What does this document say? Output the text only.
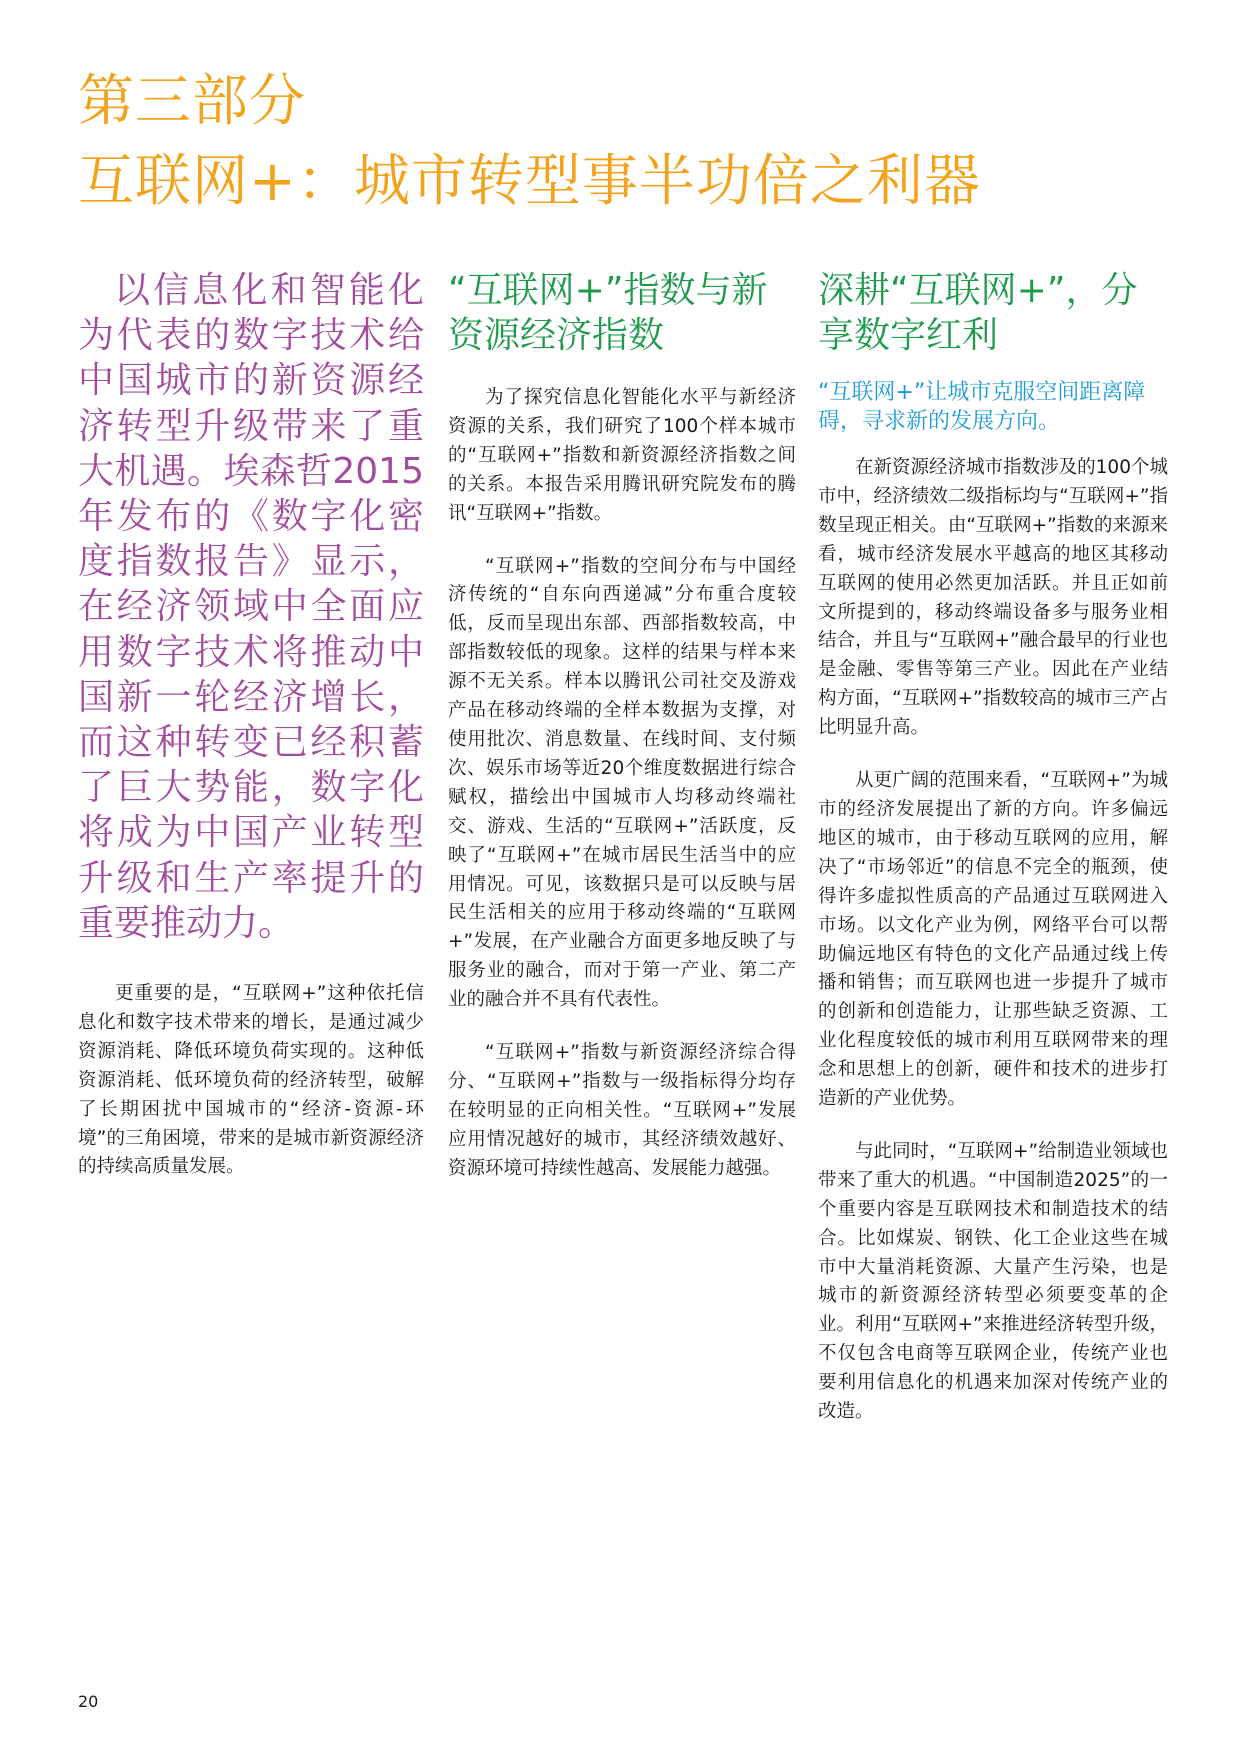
第三部分
互联网+：城市转型事半功倍之利器

以信息化和智能化为代表的数字技术给中国城市的新资源经济转型升级带来了重大机遇。埃森哲2015年发布的《数字化密度指数报告》显示，在经济领域中全面应用数字技术将推动中国新一轮经济增长，而这种转变已经积蓄了巨大势能，数字化将成为中国产业转型升级和生产率提升的重要推动力。

更重要的是，“互联网+”这种依托信息化和数字技术带来的增长，是通过减少资源消耗、降低环境负荷实现的。这种低资源消耗、低环境负荷的经济转型，破解了长期困扰中国城市的“经济-资源-环境”的三角困境，带来的是城市新资源经济的持续高质量发展。

“互联网+”指数与新资源经济指数

为了探究信息化智能化水平与新经济资源的关系，我们研究了100个样本城市的“互联网+”指数和新资源经济指数之间的关系。本报告采用腾讯研究院发布的腾讯“互联网+”指数。

“互联网+”指数的空间分布与中国经济传统的“自东向西递减”分布重合度较低，反而呈现出东部、西部指数较高，中部指数较低的现象。这样的结果与样本来源不无关系。样本以腾讯公司社交及游戏产品在移动终端的全样本数据为支撑，对使用批次、消息数量、在线时间、支付频次、娱乐市场等近20个维度数据进行综合赋权，描绘出中国城市人均移动终端社交、游戏、生活的“互联网+”活跃度，反映了“互联网+”在城市居民生活当中的应用情况。可见，该数据只是可以反映与居民生活相关的应用于移动终端的“互联网+”发展，在产业融合方面更多地反映了与服务业的融合，而对于第一产业、第二产业的融合并不具有代表性。

“互联网+”指数与新资源经济综合得分、“互联网+”指数与一级指标得分均存在较明显的正向相关性。“互联网+”发展应用情况越好的城市，其经济绩效越好、资源环境可持续性越高、发展能力越强。

深耕“互联网+”，分享数字红利
“互联网+”让城市克服空间距离障碍，寻求新的发展方向。

在新资源经济城市指数涉及的100个城市中，经济绩效二级指标均与“互联网+”指数呈现正相关。由“互联网+”指数的来源来看，城市经济发展水平越高的地区其移动互联网的使用必然更加活跃。并且正如前文所提到的，移动终端设备多与服务业相结合，并且与“互联网+”融合最早的行业也是金融、零售等第三产业。因此在产业结构方面，“互联网+”指数较高的城市三产占比明显升高。

从更广阔的范围来看，“互联网+”为城市的经济发展提出了新的方向。许多偏远地区的城市，由于移动互联网的应用，解决了“市场邻近”的信息不完全的瓶颈，使得许多虚拟性质高的产品通过互联网进入市场。以文化产业为例，网络平台可以帮助偏远地区有特色的文化产品通过线上传播和销售；而互联网也进一步提升了城市的创新和创造能力，让那些缺乏资源、工业化程度较低的城市利用互联网带来的理念和思想上的创新，硬件和技术的进步打造新的产业优势。

与此同时，“互联网+”给制造业领域也带来了重大的机遇。“中国制造2025”的一个重要内容是互联网技术和制造技术的结合。比如煤炭、钢铁、化工企业这些在城市中大量消耗资源、大量产生污染，也是城市的新资源经济转型必须要变革的企业。利用“互联网+”来推进经济转型升级，不仅包含电商等互联网企业，传统产业也要利用信息化的机遇来加深对传统产业的改造。

20
